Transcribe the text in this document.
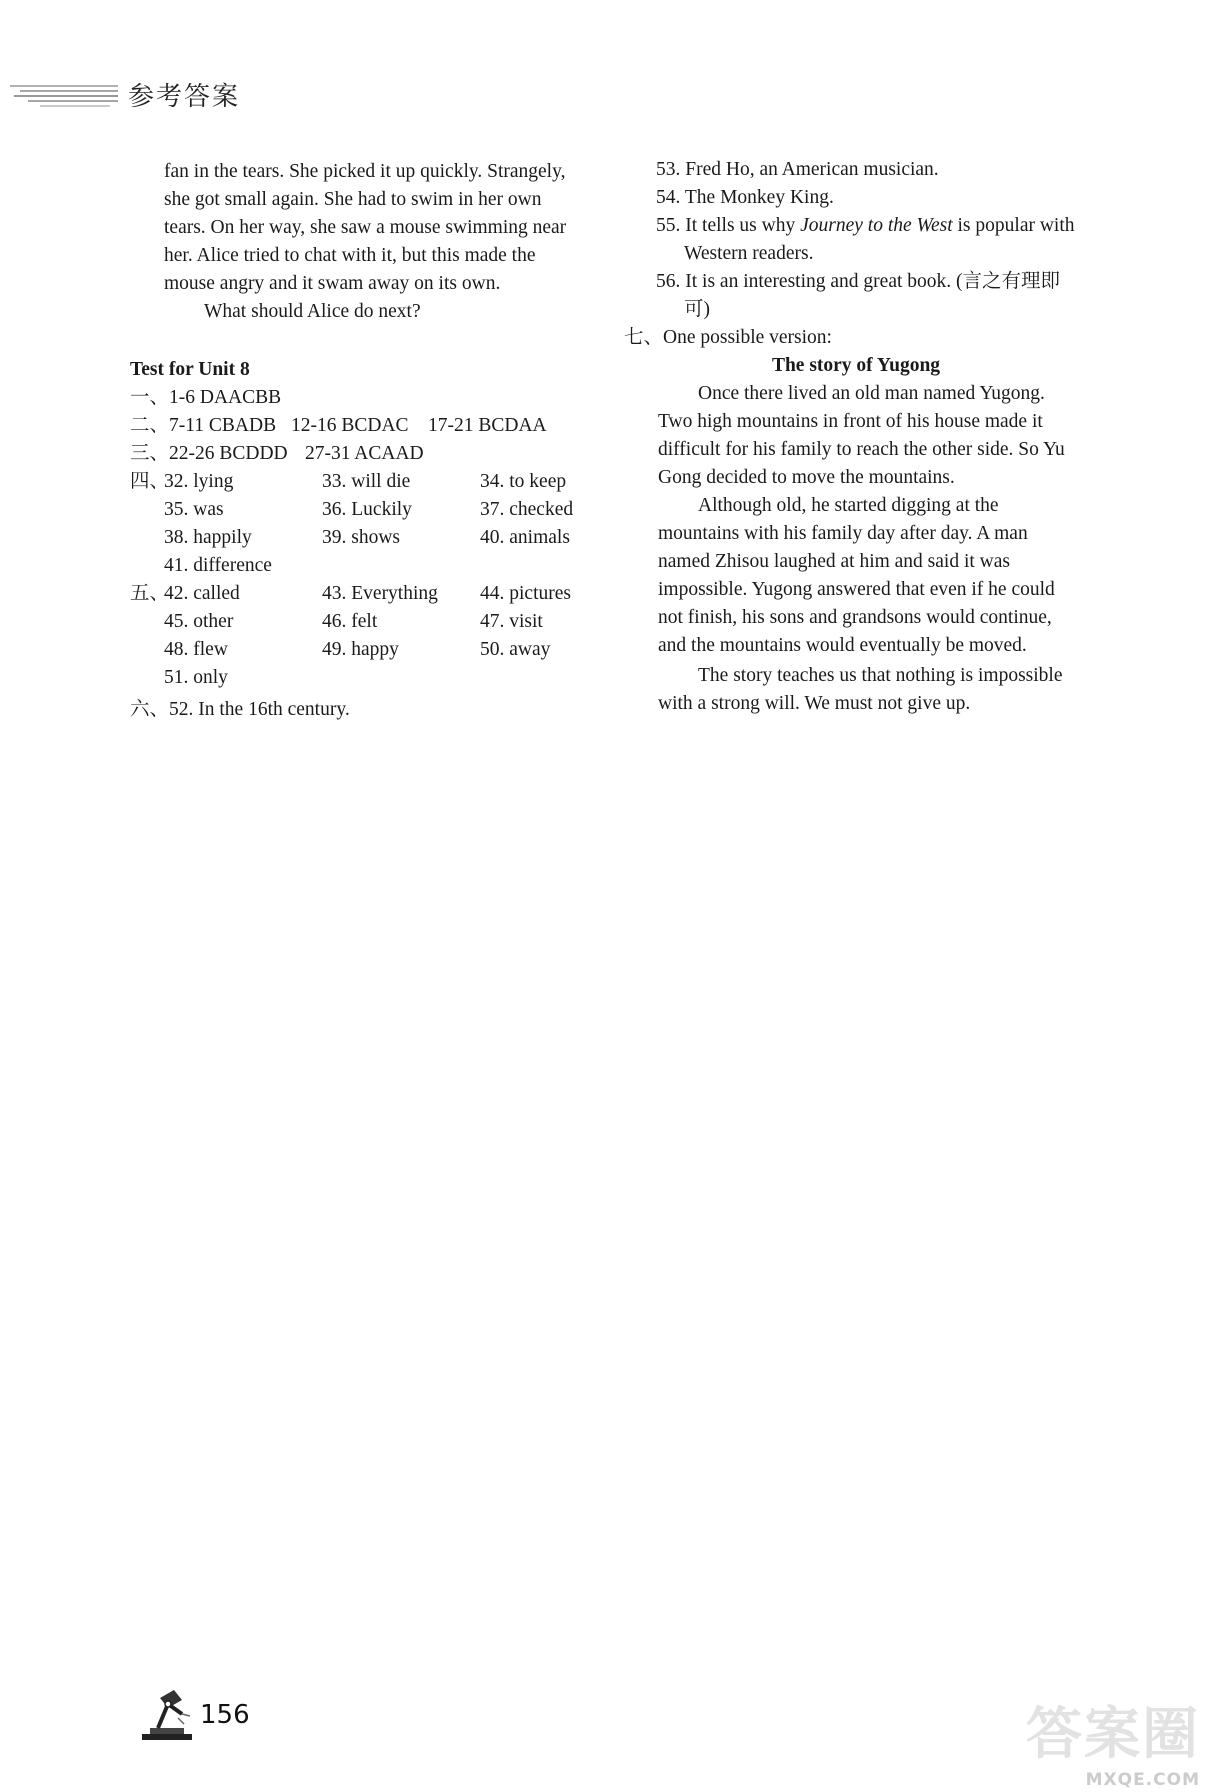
参考答案
fan in the tears. She picked it up quickly. Strangely,
she got small again. She had to swim in her own
tears. On her way, she saw a mouse swimming near
her. Alice tried to chat with it, but this made the
mouse angry and it swam away on its own.
What should Alice do next?
Test for Unit 8
一、1-6 DAACBB
二、7-11 CBADB 12-16 BCDAC 17-21 BCDAA
三、22-26 BCDDD 27-31 ACAAD
四、
32. lying	33. will die	34. to keep
35. was	36. Luckily	37. checked
38. happily	39. shows	40. animals
41. difference
五、
42. called	43. Everything 44. pictures
45. other	46. felt	47. visit
48. flew	49. happy	50. away
51. only
六、52. In the 16th century.
53. Fred Ho, an American musician.
54. The Monkey King.
55. It tells us why Journey to the West is popular with
Western readers.
56. It is an interesting and great book. (言之有理即
可)
七、One possible version:
The story of Yugong
Once there lived an old man named Yugong.
Two high mountains in front of his house made it
difficult for his family to reach the other side. So Yu
Gong decided to move the mountains.
Although old, he started digging at the
mountains with his family day after day. A man
named Zhisou laughed at him and said it was
impossible. Yugong answered that even if he could
not finish, his sons and grandsons would continue,
and the mountains would eventually be moved.
The story teaches us that nothing is impossible
with a strong will. We must not give up.
156	答案圈
MXQE.COM
